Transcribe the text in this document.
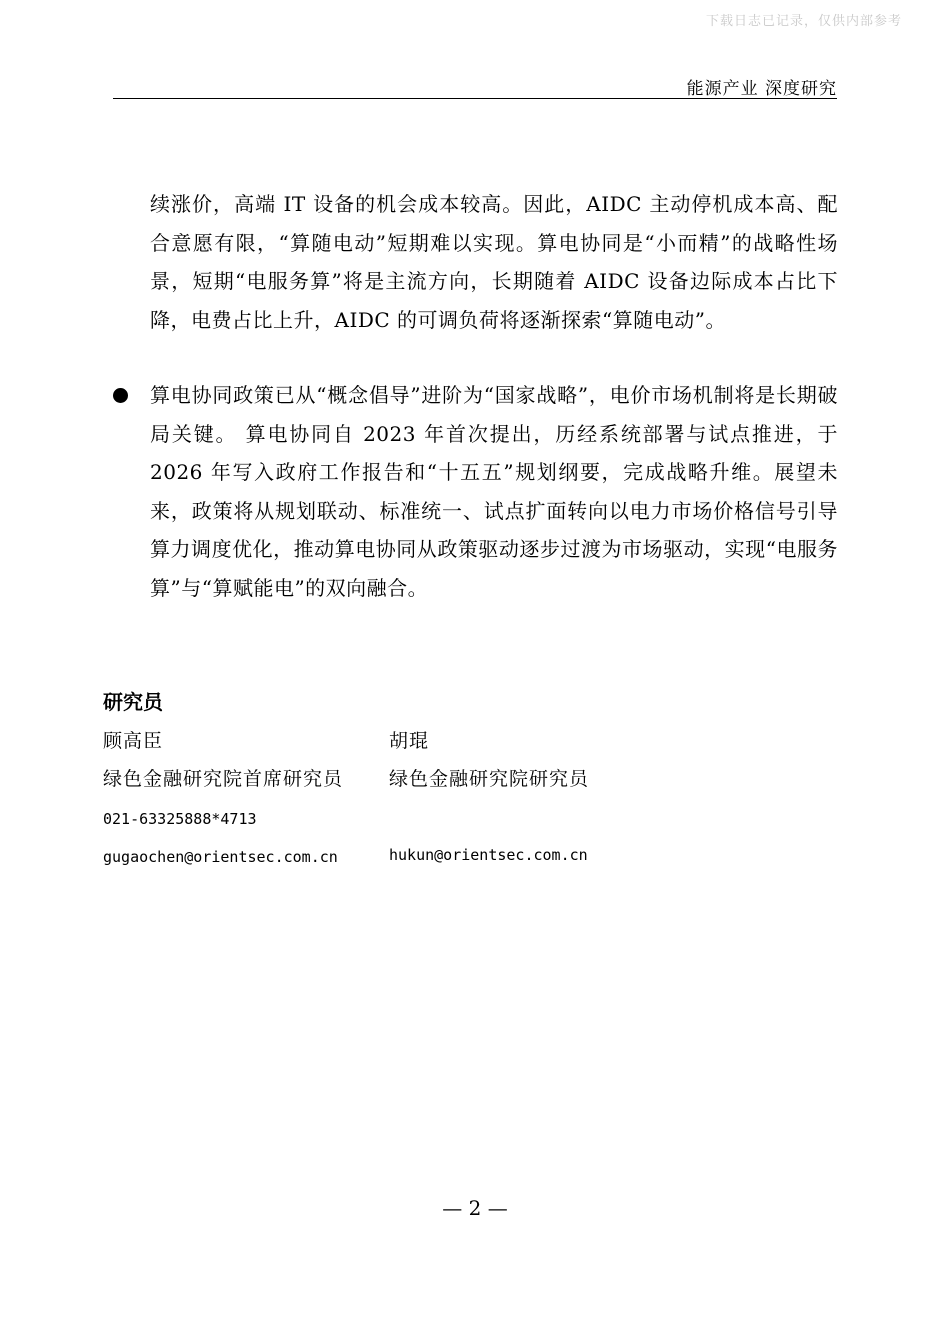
下载日志已记录，仅供内部参考
能源产业 深度研究
续涨价，高端 IT 设备的机会成本较高。因此，AIDC 主动停机成本高、配合意愿有限，“算随电动”短期难以实现。算电协同是“小而精”的战略性场景，短期“电服务算”将是主流方向，长期随着 AIDC 设备边际成本占比下降，电费占比上升，AIDC 的可调负荷将逐渐探索“算随电动”。
算电协同政策已从“概念倡导”进阶为“国家战略”，电价市场机制将是长期破局关键。 算电协同自 2023 年首次提出，历经系统部署与试点推进，于 2026 年写入政府工作报告和“十五五”规划纲要，完成战略升维。展望未来，政策将从规划联动、标准统一、试点扩面转向以电力市场价格信号引导算力调度优化，推动算电协同从政策驱动逐步过渡为市场驱动，实现“电服务算”与“算赋能电”的双向融合。
研究员
顾高臣	胡琨
绿色金融研究院首席研究员 绿色金融研究院研究员
021-63325888*4713
gugaochen@orientsec.com.cn	hukun@orientsec.com.cn
— 2 —
